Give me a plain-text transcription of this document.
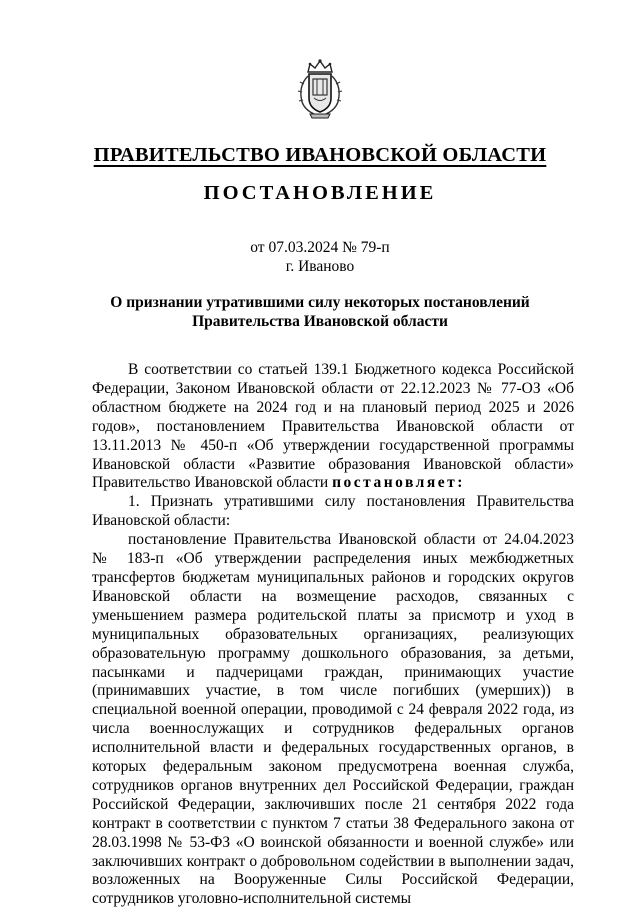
ПРАВИТЕЛЬСТВО ИВАНОВСКОЙ ОБЛАСТИ
ПОСТАНОВЛЕНИЕ
от 07.03.2024 № 79-п
г. Иваново
О признании утратившими силу некоторых постановлений
Правительства Ивановской области

В соответствии со статьей 139.1 Бюджетного кодекса Российской Федерации, Законом Ивановской области от 22.12.2023 № 77-ОЗ «Об областном бюджете на 2024 год и на плановый период 2025 и 2026 годов», постановлением Правительства Ивановской области от 13.11.2013 № 450-п «Об утверждении государственной программы Ивановской области «Развитие образования Ивановской области» Правительство Ивановской области постановляет:

1. Признать утратившими силу постановления Правительства Ивановской области:

постановление Правительства Ивановской области от 24.04.2023 № 183-п «Об утверждении распределения иных межбюджетных трансфертов бюджетам муниципальных районов и городских округов Ивановской области на возмещение расходов, связанных с уменьшением размера родительской платы за присмотр и уход в муниципальных образовательных организациях, реализующих образовательную программу дошкольного образования, за детьми, пасынками и падчерицами граждан, принимающих участие (принимавших участие, в том числе погибших (умерших)) в специальной военной операции, проводимой с 24 февраля 2022 года, из числа военнослужащих и сотрудников федеральных органов исполнительной власти и федеральных государственных органов, в которых федеральным законом предусмотрена военная служба, сотрудников органов внутренних дел Российской Федерации, граждан Российской Федерации, заключивших после 21 сентября 2022 года контракт в соответствии с пунктом 7 статьи 38 Федерального закона от 28.03.1998 № 53-ФЗ «О воинской обязанности и военной службе» или заключивших контракт о добровольном содействии в выполнении задач, возложенных на Вооруженные Силы Российской Федерации, сотрудников уголовно-исполнительной системы
